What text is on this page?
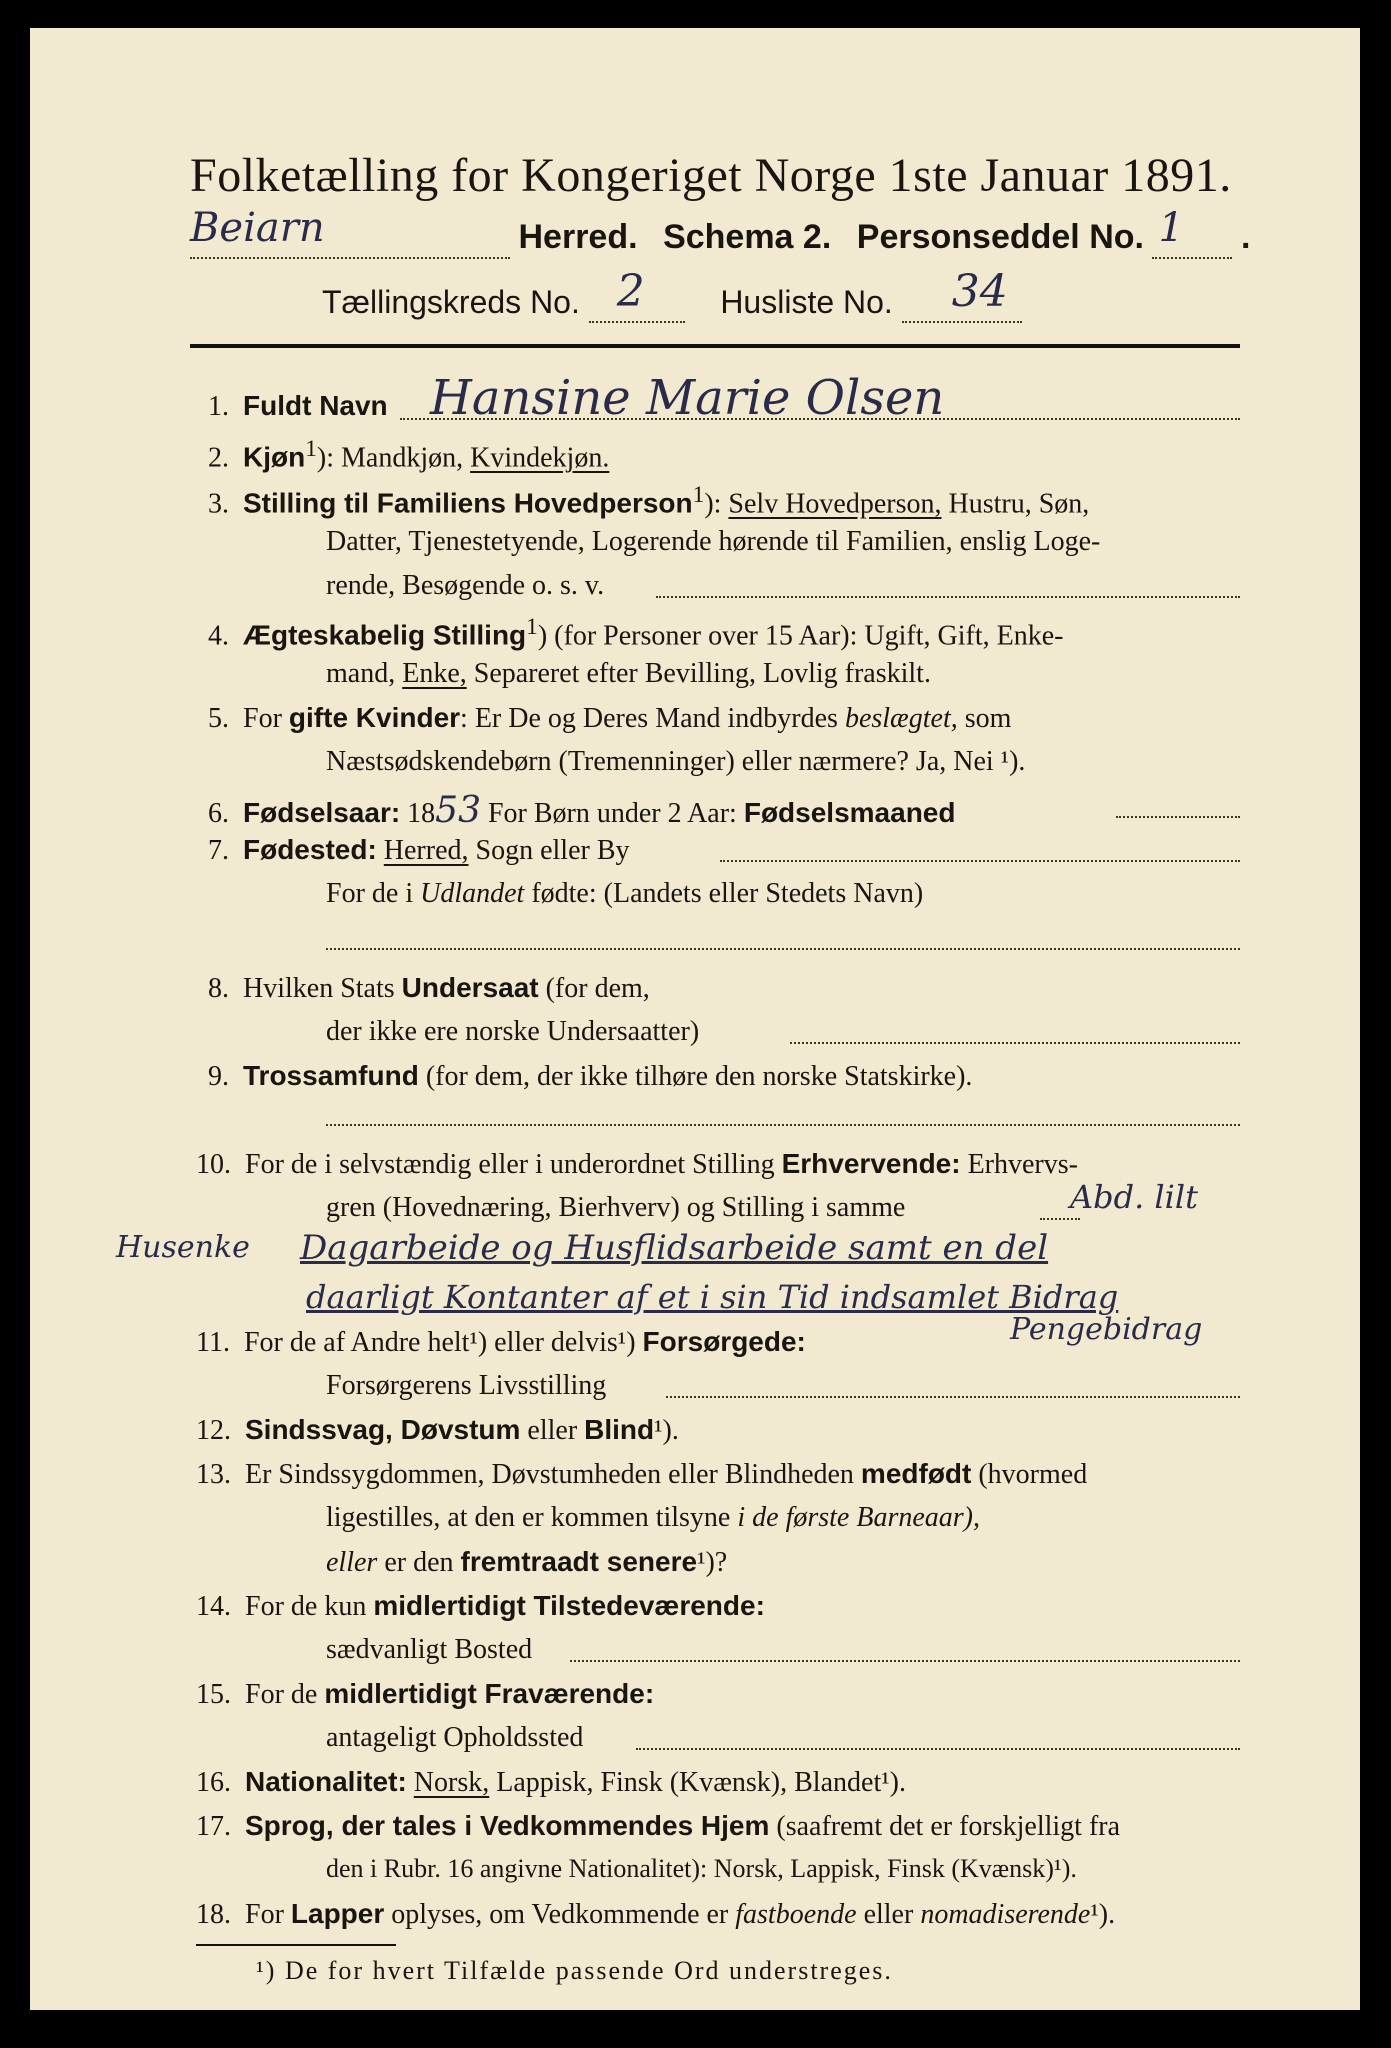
Folketælling for Kongeriget Norge 1ste Januar 1891.
Beiarn	Herred. Schema 2. Personseddel No. 1 .
Tællingskreds No. 2 Husliste No. 34

1. Fuldt Navn Hansine Marie Olsen
2. Kjøn$^1$): Mandkjøn, Kvindekjøn.
3. Stilling til Familiens Hovedperson$^1$): Selv Hovedperson, Hustru, Søn,
Datter, Tjenestetyende, Logerende hørende til Familien, enslig Loge-
rende, Besøgende o. s. v.
4. Ægteskabelig Stilling$^1$) (for Personer over 15 Aar): Ugift, Gift, Enke-
mand, Enke, Separeret efter Bevilling, Lovlig fraskilt.
5. For gifte Kvinder: Er De og Deres Mand indbyrdes beslægtet, som
Næstsødskendebørn (Tremenninger) eller nærmere? Ja, Nei ¹).
6. Fødselsaar: 1853 For Børn under 2 Aar: Fødselsmaaned
7. Fødested: Herred, Sogn eller By
For de i Udlandet fødte: (Landets eller Stedets Navn)
8. Hvilken Stats Undersaat (for dem,
der ikke ere norske Undersaatter)
9. Trossamfund (for dem, der ikke tilhøre den norske Statskirke).
10. For de i selvstændig eller i underordnet Stilling Erhvervende: Erhvervs-
gren (Hovednæring, Bierhverv) og Stilling i samme	Abd. lilt
Husenke Dagarbeide og Husflidsarbeide samt en del
daarligt Kontanter af et i sin Tid indsamlet Bidrag
11. For de af Andre helt¹) eller delvis¹) Forsørgede:	Pengebidrag
Forsørgerens Livsstilling
12. Sindssvag, Døvstum eller Blind¹).
13. Er Sindssygdommen, Døvstumheden eller Blindheden medfødt (hvormed
ligestilles, at den er kommen tilsyne i de første Barneaar),
eller er den fremtraadt senere¹)?
14. For de kun midlertidigt Tilstedeværende:
sædvanligt Bosted
15. For de midlertidigt Fraværende:
antageligt Opholdssted
16. Nationalitet: Norsk, Lappisk, Finsk (Kvænsk), Blandet¹).
17. Sprog, der tales i Vedkommendes Hjem (saafremt det er forskjelligt fra
den i Rubr. 16 angivne Nationalitet): Norsk, Lappisk, Finsk (Kvænsk)¹).
18. For Lapper oplyses, om Vedkommende er fastboende eller nomadiserende¹).
¹) De for hvert Tilfælde passende Ord understreges.
